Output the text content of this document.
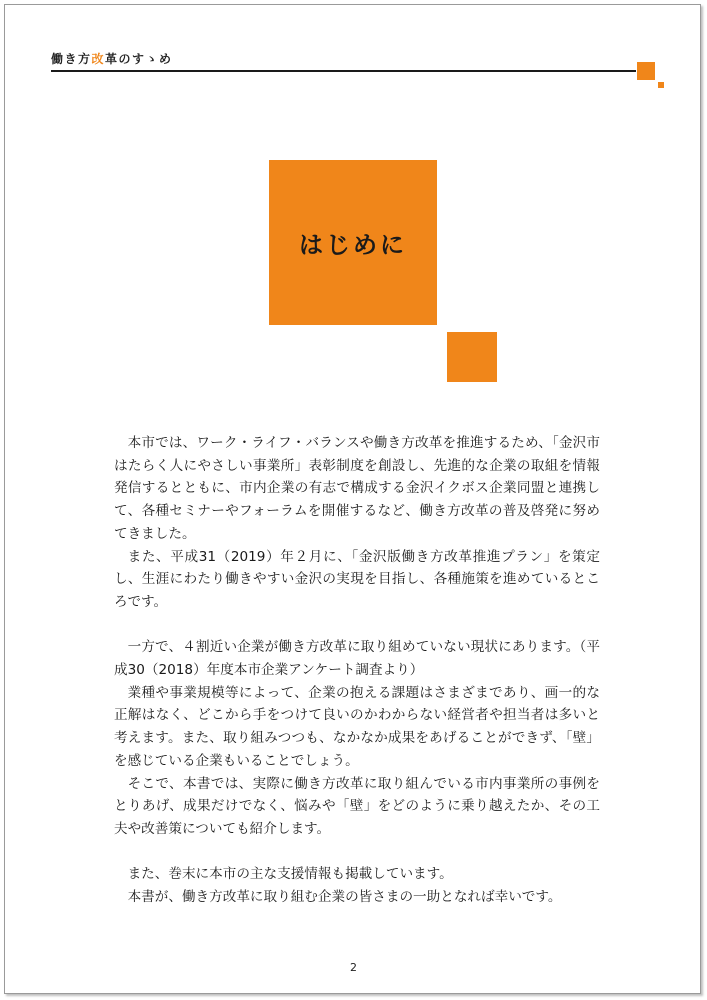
働き方改革のすゝめ
はじめに

本市では、ワーク・ライフ・バランスや働き方改革を推進するため、「金沢市はたらく人にやさしい事業所」表彰制度を創設し、先進的な企業の取組を情報発信するとともに、市内企業の有志で構成する金沢イクボス企業同盟と連携して、各種セミナーやフォーラムを開催するなど、働き方改革の普及啓発に努めてきました。

また、平成31（2019）年２月に、「金沢版働き方改革推進プラン」を策定し、生涯にわたり働きやすい金沢の実現を目指し、各種施策を進めているところです。

一方で、４割近い企業が働き方改革に取り組めていない現状にあります。（平成30（2018）年度本市企業アンケート調査より）

業種や事業規模等によって、企業の抱える課題はさまざまであり、画一的な正解はなく、どこから手をつけて良いのかわからない経営者や担当者は多いと考えます。また、取り組みつつも、なかなか成果をあげることができず、「壁」を感じている企業もいることでしょう。

そこで、本書では、実際に働き方改革に取り組んでいる市内事業所の事例をとりあげ、成果だけでなく、悩みや「壁」をどのように乗り越えたか、その工夫や改善策についても紹介します。

また、巻末に本市の主な支援情報も掲載しています。

本書が、働き方改革に取り組む企業の皆さまの一助となれば幸いです。

2
